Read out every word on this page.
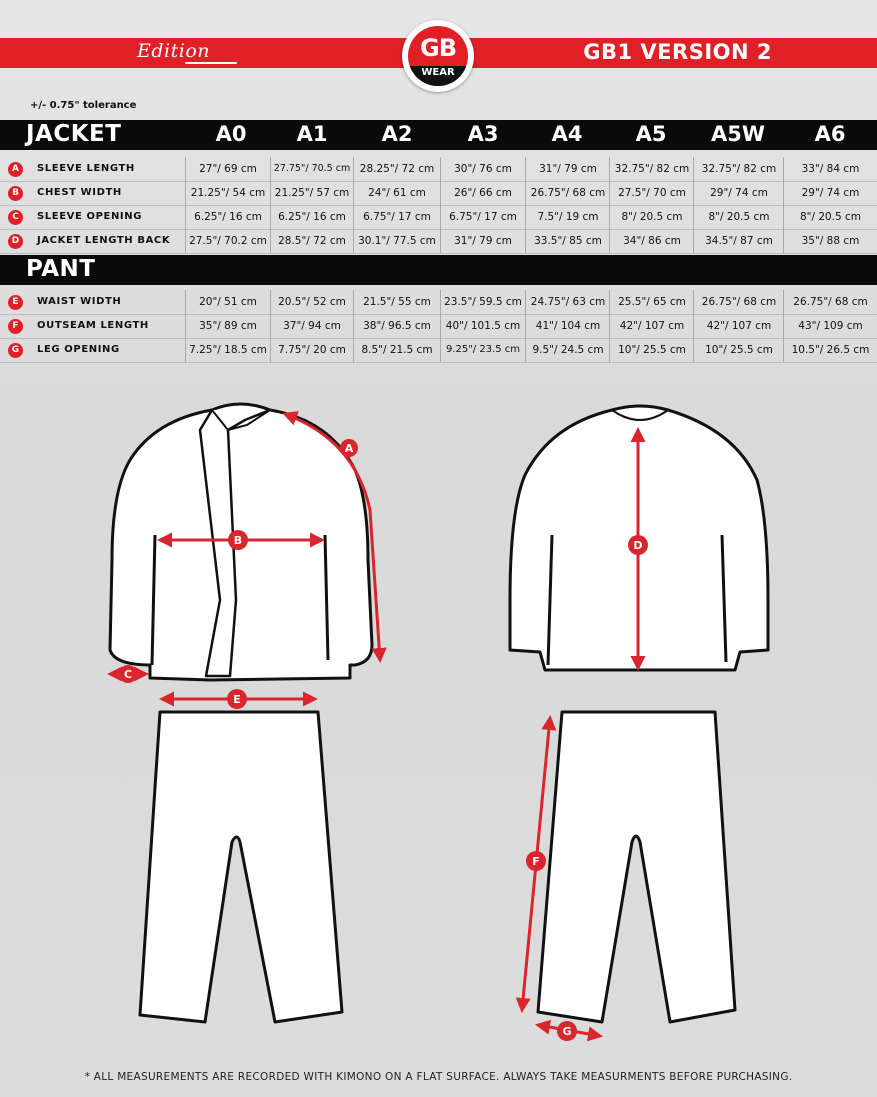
Edition	GB
WEAR
GB1 VERSION 2
+/- 0.75" tolerance
JACKET	A0	A1	A2	A3	A4	A5	A5W	A6
A	SLEEVE LENGTH	27"/ 69 cm	27.75"/ 70.5 cm 28.25"/ 72 cm	30"/ 76 cm	31"/ 79 cm	32.75"/ 82 cm	32.75"/ 82 cm	33"/ 84 cm
B	CHEST WIDTH	21.25"/ 54 cm 21.25"/ 57 cm	24"/ 61 cm	26"/ 66 cm	26.75"/ 68 cm	27.5"/ 70 cm	29"/ 74 cm	29"/ 74 cm
C	SLEEVE OPENING	6.25"/ 16 cm	6.25"/ 16 cm	6.75"/ 17 cm	6.75"/ 17 cm	7.5"/ 19 cm	8"/ 20.5 cm	8"/ 20.5 cm	8"/ 20.5 cm
D	JACKET LENGTH BACK 27.5"/ 70.2 cm	28.5"/ 72 cm	30.1"/ 77.5 cm	31"/ 79 cm	33.5"/ 85 cm	34"/ 86 cm	34.5"/ 87 cm	35"/ 88 cm
PANT
E	WAIST WIDTH	20"/ 51 cm	20.5"/ 52 cm	21.5"/ 55 cm	23.5"/ 59.5 cm 24.75"/ 63 cm	25.5"/ 65 cm	26.75"/ 68 cm	26.75"/ 68 cm
F	OUTSEAM LENGTH	35"/ 89 cm	37"/ 94 cm	38"/ 96.5 cm	40"/ 101.5 cm	41"/ 104 cm	42"/ 107 cm	42"/ 107 cm	43"/ 109 cm
G	LEG OPENING	7.25"/ 18.5 cm	7.75"/ 20 cm	8.5"/ 21.5 cm	9.25"/ 23.5 cm	9.5"/ 24.5 cm	10"/ 25.5 cm	10"/ 25.5 cm	10.5"/ 26.5 cm
A
B
C
D
E
F
G
* ALL MEASUREMENTS ARE RECORDED WITH KIMONO ON A FLAT SURFACE. ALWAYS TAKE MEASURMENTS BEFORE PURCHASING.
